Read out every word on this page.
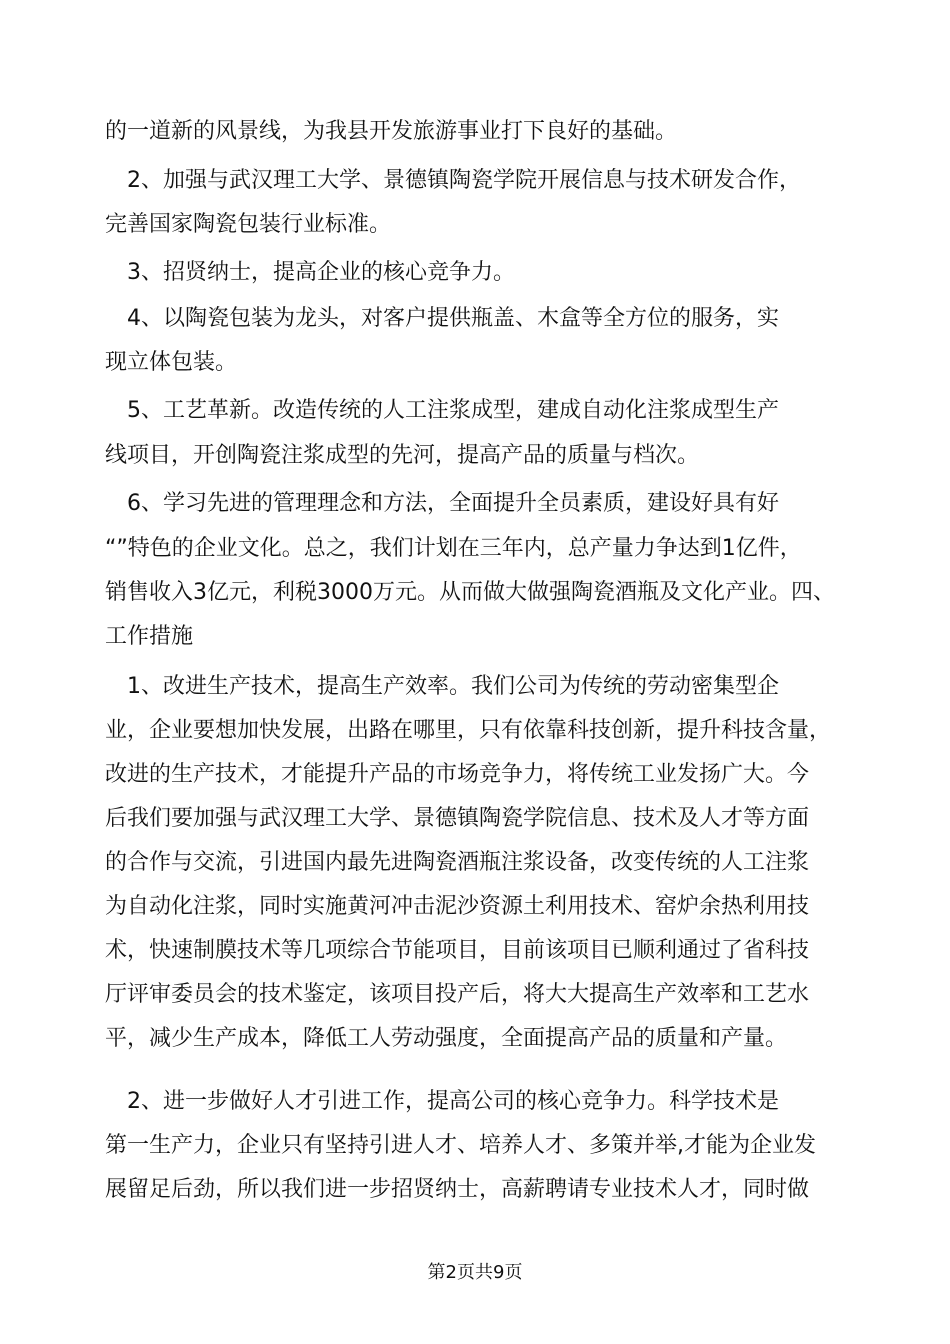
的一道新的风景线，为我县开发旅游事业打下良好的基础。
　2、加强与武汉理工大学、景德镇陶瓷学院开展信息与技术研发合作，
完善国家陶瓷包装行业标准。
　3、招贤纳士，提高企业的核心竞争力。
　4、以陶瓷包装为龙头，对客户提供瓶盖、木盒等全方位的服务，实
现立体包装。
　5、工艺革新。改造传统的人工注浆成型，建成自动化注浆成型生产
线项目，开创陶瓷注浆成型的先河，提高产品的质量与档次。
　6、学习先进的管理理念和方法，全面提升全员素质，建设好具有好
“”特色的企业文化。总之，我们计划在三年内，总产量力争达到1亿件，
销售收入3亿元，利税3000万元。从而做大做强陶瓷酒瓶及文化产业。四、
工作措施
　1、改进生产技术，提高生产效率。我们公司为传统的劳动密集型企
业，企业要想加快发展，出路在哪里，只有依靠科技创新，提升科技含量，
改进的生产技术，才能提升产品的市场竞争力，将传统工业发扬广大。今
后我们要加强与武汉理工大学、景德镇陶瓷学院信息、技术及人才等方面
的合作与交流，引进国内最先进陶瓷酒瓶注浆设备，改变传统的人工注浆
为自动化注浆，同时实施黄河冲击泥沙资源土利用技术、窑炉余热利用技
术，快速制膜技术等几项综合节能项目，目前该项目已顺利通过了省科技
厅评审委员会的技术鉴定，该项目投产后，将大大提高生产效率和工艺水
平，减少生产成本，降低工人劳动强度，全面提高产品的质量和产量。
　2、进一步做好人才引进工作，提高公司的核心竞争力。科学技术是
第一生产力，企业只有坚持引进人才、培养人才、多策并举,才能为企业发
展留足后劲，所以我们进一步招贤纳士，高薪聘请专业技术人才，同时做
第2页共9页
